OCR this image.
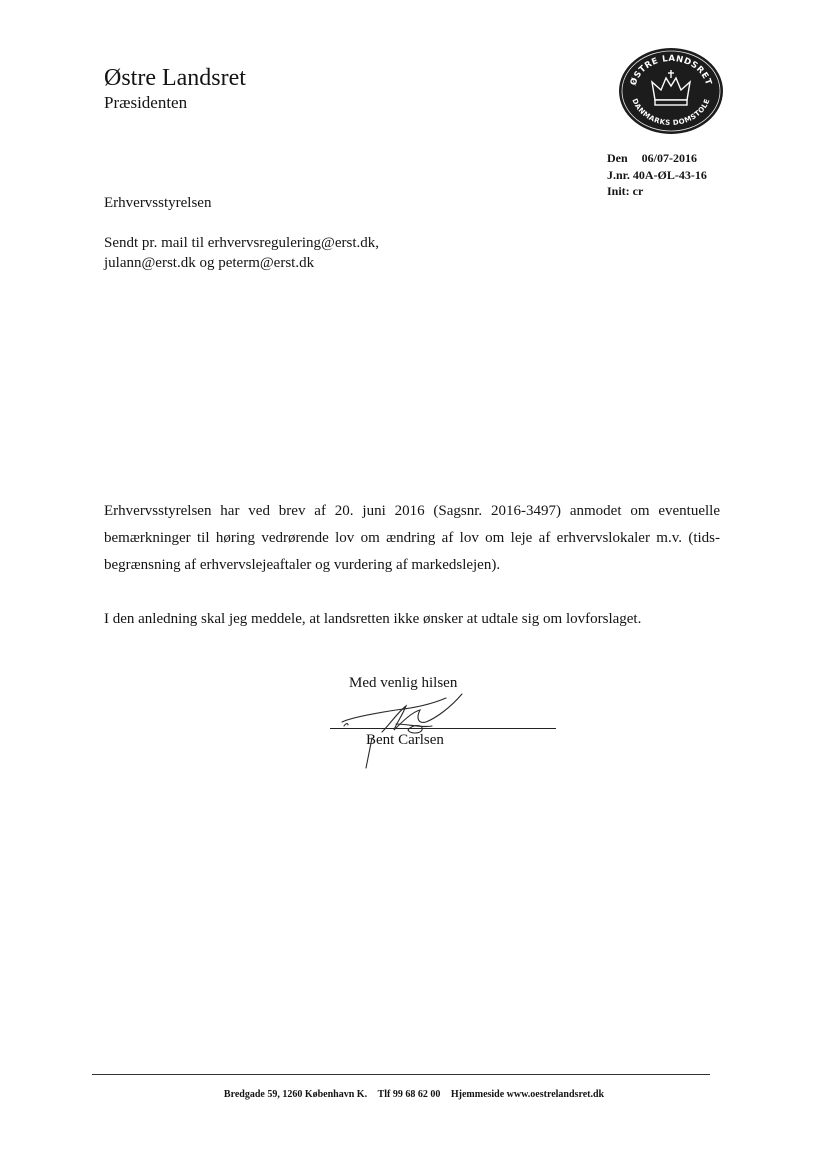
Østre Landsret
Præsidenten
ØSTRE LANDSRET
DANMARKS DOMSTOLE
Den 06/07-2016
J.nr. 40A-ØL-43-16
Init: cr
Erhvervsstyrelsen
Sendt pr. mail til erhvervsregulering@erst.dk,
julann@erst.dk og peterm@erst.dk
Erhvervsstyrelsen har ved brev af 20. juni 2016 (Sagsnr. 2016-3497) anmodet om eventuelle bemærkninger til høring vedrørende lov om ændring af lov om leje af erhvervslokaler m.v. (tids- begrænsning af erhvervslejeaftaler og vurdering af markedslejen).
I den anledning skal jeg meddele, at landsretten ikke ønsker at udtale sig om lovforslaget.
Med venlig hilsen
Bent Carlsen
Bredgade 59, 1260 København K. Tlf 99 68 62 00 Hjemmeside www.oestrelandsret.dk
